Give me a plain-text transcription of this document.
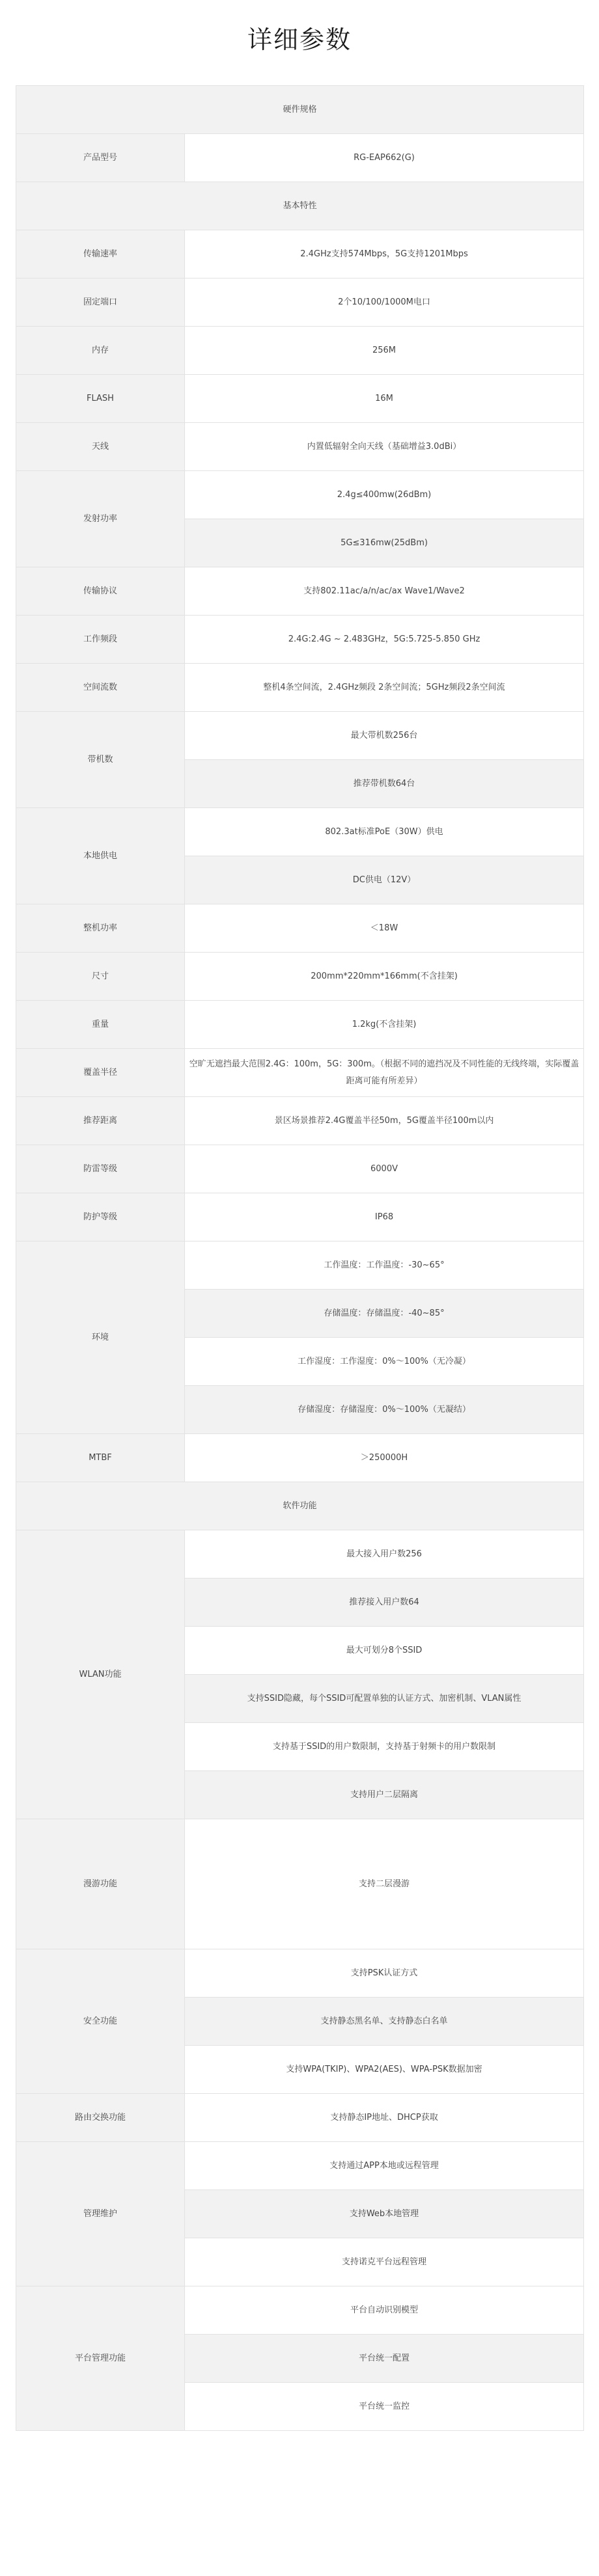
详细参数
硬件规格	
产品型号	RG-EAP662(G)
基本特性	
传输速率	2.4GHz支持574Mbps，5G支持1201Mbps
固定端口	2个10/100/1000M电口
内存	256M
FLASH	16M
天线	内置低辐射全向天线（基础增益3.0dBi）
发射功率	2.4g≤400mw(26dBm)
	5G≤316mw(25dBm)
传输协议	支持802.11ac/a/n/ac/ax Wave1/Wave2
工作频段	2.4G:2.4G ~ 2.483GHz，5G:5.725-5.850 GHz
空间流数	整机4条空间流，2.4GHz频段 2条空间流；5GHz频段2条空间流
带机数	最大带机数256台
	推荐带机数64台
本地供电	802.3at标准PoE（30W）供电
	DC供电（12V）
整机功率	＜18W
尺寸	200mm*220mm*166mm(不含挂架)
重量	1.2kg(不含挂架)
覆盖半径	空旷无遮挡最大范围2.4G：100m，5G：300m。（根据不同的遮挡况及不同性能的无线终端，实际覆盖距离可能有所差异）
推荐距离	景区场景推荐2.4G覆盖半径50m，5G覆盖半径100m以内
防雷等级	6000V
防护等级	IP68
环境	工作温度：工作温度：-30~65°
	存储温度：存储温度：-40~85°
	工作湿度：工作湿度：0%～100%（无冷凝）
	存储湿度：存储湿度：0%～100%（无凝结）
MTBF	＞250000H
软件功能	
WLAN功能	最大接入用户数256
	推荐接入用户数64
	最大可划分8个SSID
	支持SSID隐藏，每个SSID可配置单独的认证方式、加密机制、VLAN属性
	支持基于SSID的用户数限制，支持基于射频卡的用户数限制
	支持用户二层隔离
漫游功能	支持二层漫游
安全功能	支持PSK认证方式
	支持静态黑名单、支持静态白名单
	支持WPA(TKIP)、WPA2(AES)、WPA-PSK数据加密
路由交换功能	支持静态IP地址、DHCP获取
管理维护	支持通过APP本地或远程管理
	支持Web本地管理
	支持诺克平台远程管理
平台管理功能	平台自动识别模型
	平台统一配置
	平台统一监控
